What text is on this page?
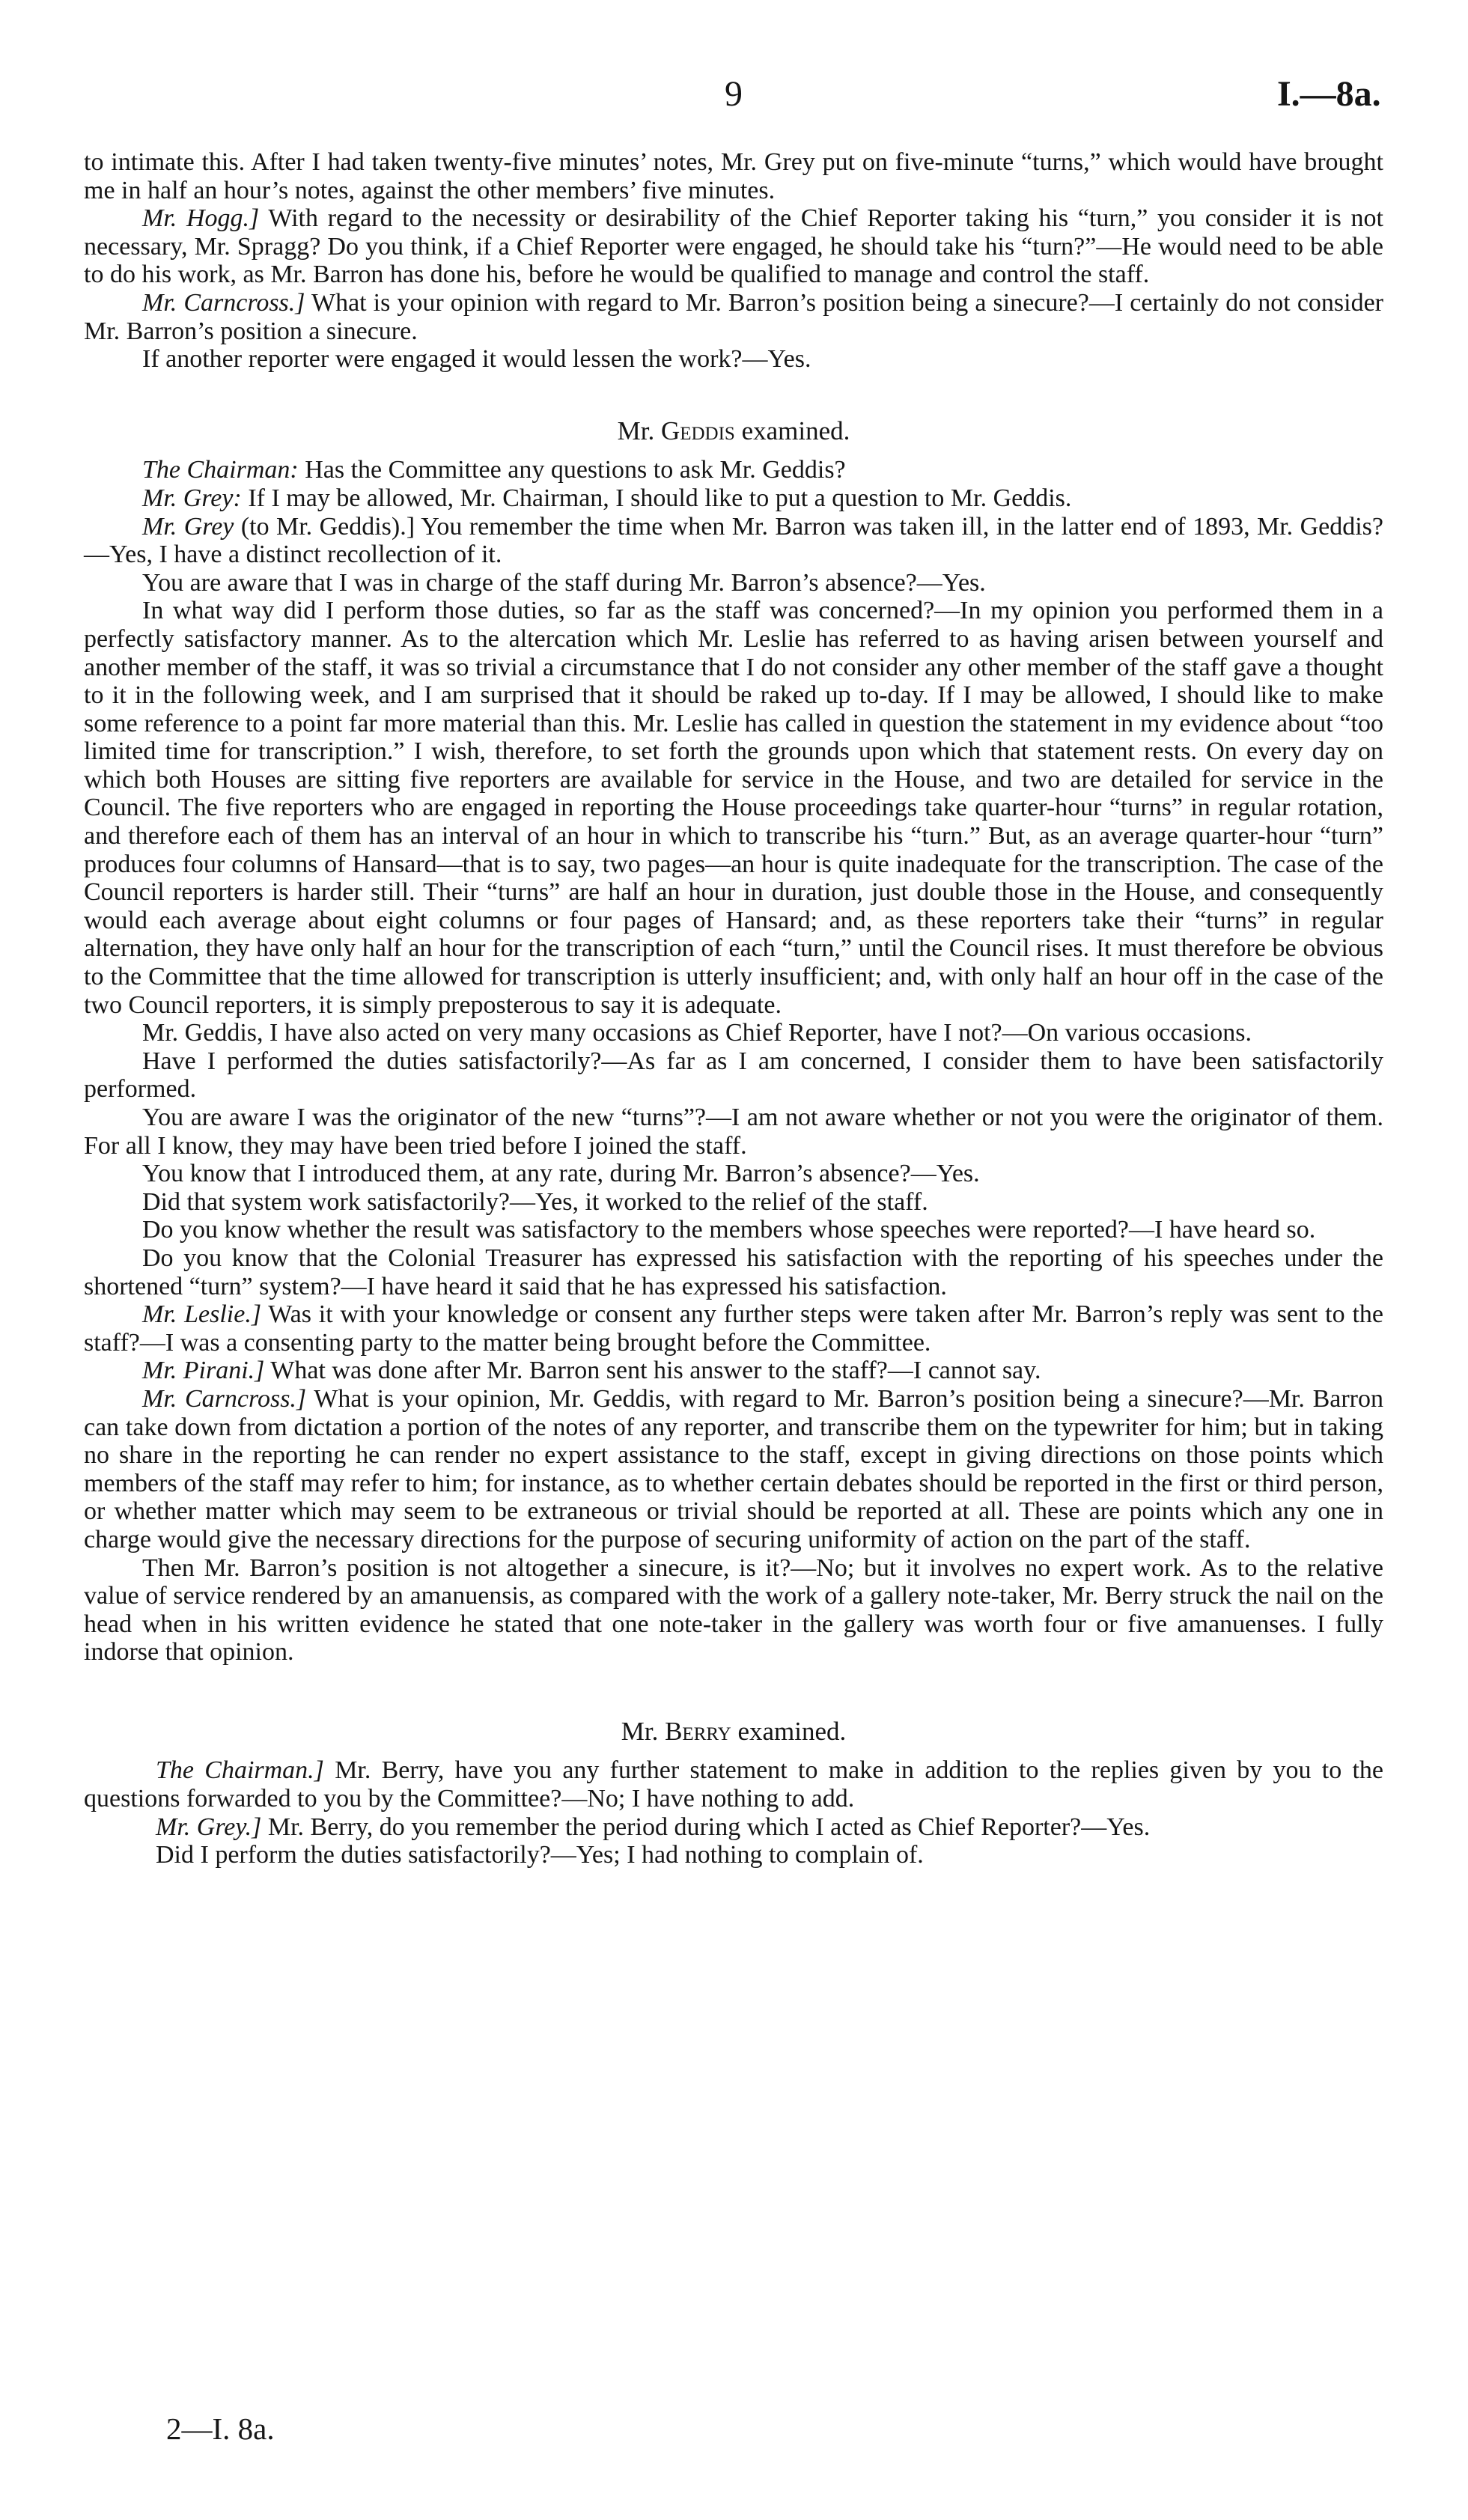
9	I.—8a.

to intimate this. After I had taken twenty-five minutes’ notes, Mr. Grey put on five-minute “turns,” which would have brought me in half an hour’s notes, against the other members’ five minutes.

Mr. Hogg.] With regard to the necessity or desirability of the Chief Reporter taking his “turn,” you consider it is not necessary, Mr. Spragg? Do you think, if a Chief Reporter were engaged, he should take his “turn?”—He would need to be able to do his work, as Mr. Barron has done his, before he would be qualified to manage and control the staff.

Mr. Carncross.] What is your opinion with regard to Mr. Barron’s position being a sinecure?—I certainly do not consider Mr. Barron’s position a sinecure.

If another reporter were engaged it would lessen the work?—Yes.

Mr. Geddis examined.

The Chairman: Has the Committee any questions to ask Mr. Geddis?

Mr. Grey: If I may be allowed, Mr. Chairman, I should like to put a question to Mr. Geddis.

Mr. Grey (to Mr. Geddis).] You remember the time when Mr. Barron was taken ill, in the latter end of 1893, Mr. Geddis?—Yes, I have a distinct recollection of it.

You are aware that I was in charge of the staff during Mr. Barron’s absence?—Yes.

In what way did I perform those duties, so far as the staff was concerned?—In my opinion you performed them in a perfectly satisfactory manner. As to the altercation which Mr. Leslie has referred to as having arisen between yourself and another member of the staff, it was so trivial a circumstance that I do not consider any other member of the staff gave a thought to it in the following week, and I am surprised that it should be raked up to-day. If I may be allowed, I should like to make some reference to a point far more material than this. Mr. Leslie has called in question the statement in my evidence about “too limited time for transcription.” I wish, therefore, to set forth the grounds upon which that statement rests. On every day on which both Houses are sitting five reporters are available for service in the House, and two are detailed for service in the Council. The five reporters who are engaged in reporting the House proceedings take quarter-hour “turns” in regular rotation, and therefore each of them has an interval of an hour in which to transcribe his “turn.” But, as an average quarter-hour “turn” produces four columns of Hansard—that is to say, two pages—an hour is quite inadequate for the transcription. The case of the Council reporters is harder still. Their “turns” are half an hour in duration, just double those in the House, and consequently would each average about eight columns or four pages of Hansard; and, as these reporters take their “turns” in regular alternation, they have only half an hour for the transcription of each “turn,” until the Council rises. It must therefore be obvious to the Committee that the time allowed for transcription is utterly insufficient; and, with only half an hour off in the case of the two Council reporters, it is simply preposterous to say it is adequate.

Mr. Geddis, I have also acted on very many occasions as Chief Reporter, have I not?—On various occasions.

Have I performed the duties satisfactorily?—As far as I am concerned, I consider them to have been satisfactorily performed.

You are aware I was the originator of the new “turns”?—I am not aware whether or not you were the originator of them. For all I know, they may have been tried before I joined the staff.

You know that I introduced them, at any rate, during Mr. Barron’s absence?—Yes.

Did that system work satisfactorily?—Yes, it worked to the relief of the staff.

Do you know whether the result was satisfactory to the members whose speeches were reported?—I have heard so.

Do you know that the Colonial Treasurer has expressed his satisfaction with the reporting of his speeches under the shortened “turn” system?—I have heard it said that he has expressed his satisfaction.

Mr. Leslie.] Was it with your knowledge or consent any further steps were taken after Mr. Barron’s reply was sent to the staff?—I was a consenting party to the matter being brought before the Committee.

Mr. Pirani.] What was done after Mr. Barron sent his answer to the staff?—I cannot say.

Mr. Carncross.] What is your opinion, Mr. Geddis, with regard to Mr. Barron’s position being a sinecure?—Mr. Barron can take down from dictation a portion of the notes of any reporter, and transcribe them on the typewriter for him; but in taking no share in the reporting he can render no expert assistance to the staff, except in giving directions on those points which members of the staff may refer to him; for instance, as to whether certain debates should be reported in the first or third person, or whether matter which may seem to be extraneous or trivial should be reported at all. These are points which any one in charge would give the necessary directions for the purpose of securing uniformity of action on the part of the staff.

Then Mr. Barron’s position is not altogether a sinecure, is it?—No; but it involves no expert work. As to the relative value of service rendered by an amanuensis, as compared with the work of a gallery note-taker, Mr. Berry struck the nail on the head when in his written evidence he stated that one note-taker in the gallery was worth four or five amanuenses. I fully indorse that opinion.

Mr. Berry examined.

The Chairman.] Mr. Berry, have you any further statement to make in addition to the replies given by you to the questions forwarded to you by the Committee?—No; I have nothing to add.

Mr. Grey.] Mr. Berry, do you remember the period during which I acted as Chief Reporter?—Yes.

Did I perform the duties satisfactorily?—Yes; I had nothing to complain of.

2—I. 8a.
